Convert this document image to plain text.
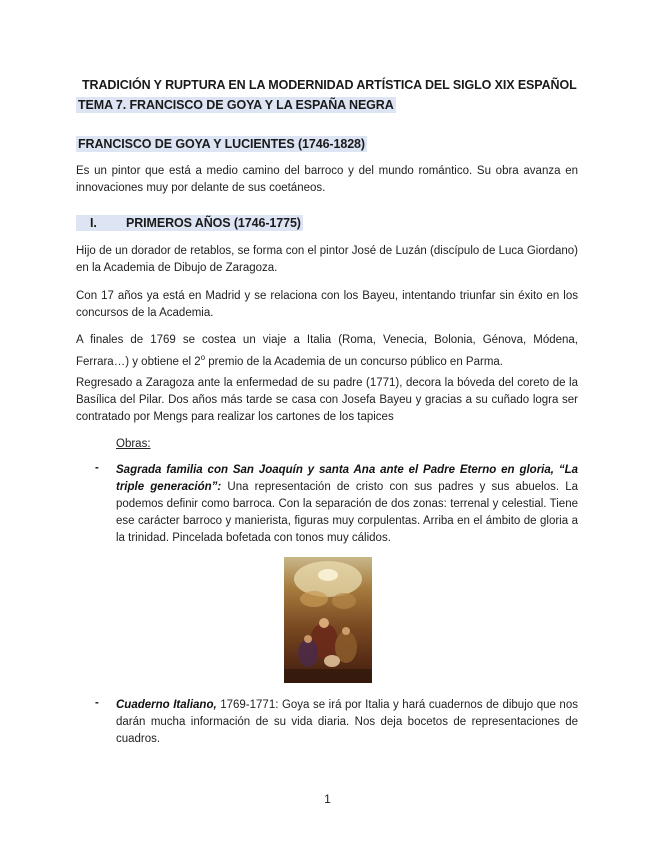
TRADICIÓN Y RUPTURA EN LA MODERNIDAD ARTÍSTICA DEL SIGLO XIX ESPAÑOL
TEMA 7. FRANCISCO DE GOYA Y LA ESPAÑA NEGRA
FRANCISCO DE GOYA Y LUCIENTES (1746-1828)
Es un pintor que está a medio camino del barroco y del mundo romántico. Su obra avanza en innovaciones muy por delante de sus coetáneos.
I. PRIMEROS AÑOS (1746-1775)
Hijo de un dorador de retablos, se forma con el pintor José de Luzán (discípulo de Luca Giordano) en la Academia de Dibujo de Zaragoza.
Con 17 años ya está en Madrid y se relaciona con los Bayeu, intentando triunfar sin éxito en los concursos de la Academia.
A finales de 1769 se costea un viaje a Italia (Roma, Venecia, Bolonia, Génova, Módena, Ferrara…) y obtiene el 2$^o$ premio de la Academia de un concurso público en Parma.
Regresado a Zaragoza ante la enfermedad de su padre (1771), decora la bóveda del coreto de la Basílica del Pilar. Dos años más tarde se casa con Josefa Bayeu y gracias a su cuñado logra ser contratado por Mengs para realizar los cartones de los tapices
Obras:
- Sagrada familia con San Joaquín y santa Ana ante el Padre Eterno en gloria, “La triple generación”: Una representación de cristo con sus padres y sus abuelos. La podemos definir como barroca. Con la separación de dos zonas: terrenal y celestial. Tiene ese carácter barroco y manierista, figuras muy corpulentas. Arriba en el ámbito de gloria a la trinidad. Pincelada bofetada con tonos muy cálidos.
- Cuaderno Italiano, 1769-1771: Goya se irá por Italia y hará cuadernos de dibujo que nos darán mucha información de su vida diaria. Nos deja bocetos de representaciones de cuadros.
1
